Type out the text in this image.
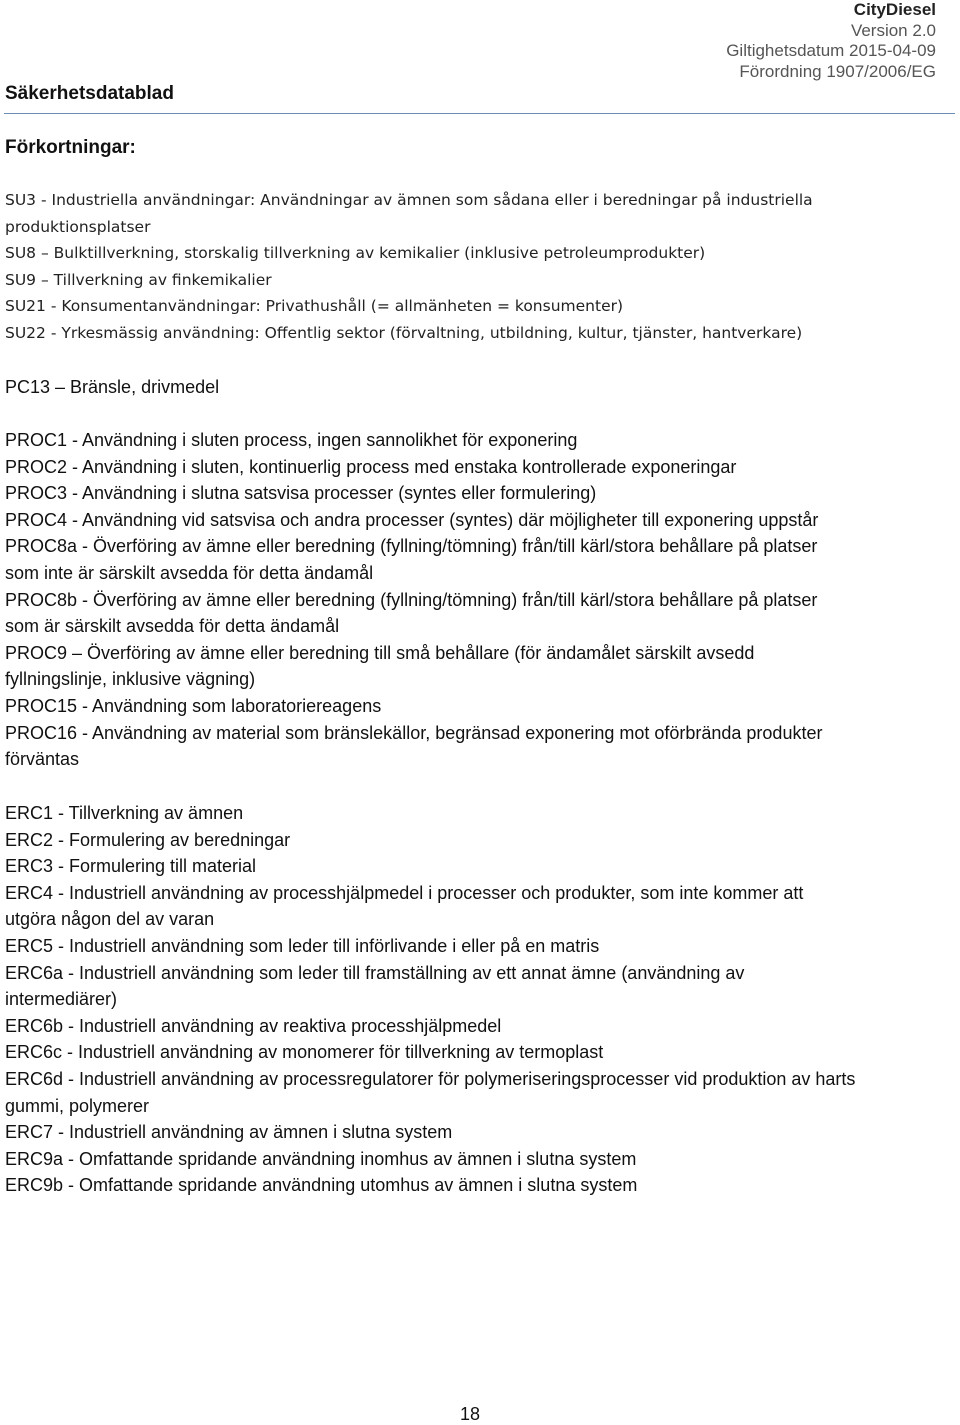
CityDiesel
Version 2.0
Giltighetsdatum 2015-04-09
Förordning 1907/2006/EG
Säkerhetsdatablad
Förkortningar:
SU3 - Industriella användningar: Användningar av ämnen som sådana eller i beredningar på industriella
produktionsplatser
SU8 – Bulktillverkning, storskalig tillverkning av kemikalier (inklusive petroleumprodukter)
SU9 – Tillverkning av finkemikalier
SU21 - Konsumentanvändningar: Privathushåll (= allmänheten = konsumenter)
SU22 - Yrkesmässig användning: Offentlig sektor (förvaltning, utbildning, kultur, tjänster, hantverkare)
PC13 – Bränsle, drivmedel
PROC1 - Användning i sluten process, ingen sannolikhet för exponering
PROC2 - Användning i sluten, kontinuerlig process med enstaka kontrollerade exponeringar
PROC3 - Användning i slutna satsvisa processer (syntes eller formulering)
PROC4 - Användning vid satsvisa och andra processer (syntes) där möjligheter till exponering uppstår
PROC8a - Överföring av ämne eller beredning (fyllning/tömning) från/till kärl/stora behållare på platser
som inte är särskilt avsedda för detta ändamål
PROC8b - Överföring av ämne eller beredning (fyllning/tömning) från/till kärl/stora behållare på platser
som är särskilt avsedda för detta ändamål
PROC9 – Överföring av ämne eller beredning till små behållare (för ändamålet särskilt avsedd
fyllningslinje, inklusive vägning)
PROC15 - Användning som laboratoriereagens
PROC16 - Användning av material som bränslekällor, begränsad exponering mot oförbrända produkter
förväntas
ERC1 - Tillverkning av ämnen
ERC2 - Formulering av beredningar
ERC3 - Formulering till material
ERC4 - Industriell användning av processhjälpmedel i processer och produkter, som inte kommer att
utgöra någon del av varan
ERC5 - Industriell användning som leder till införlivande i eller på en matris
ERC6a - Industriell användning som leder till framställning av ett annat ämne (användning av
intermediärer)
ERC6b - Industriell användning av reaktiva processhjälpmedel
ERC6c - Industriell användning av monomerer för tillverkning av termoplast
ERC6d - Industriell användning av processregulatorer för polymeriseringsprocesser vid produktion av harts
gummi, polymerer
ERC7 - Industriell användning av ämnen i slutna system
ERC9a - Omfattande spridande användning inomhus av ämnen i slutna system
ERC9b - Omfattande spridande användning utomhus av ämnen i slutna system
18
